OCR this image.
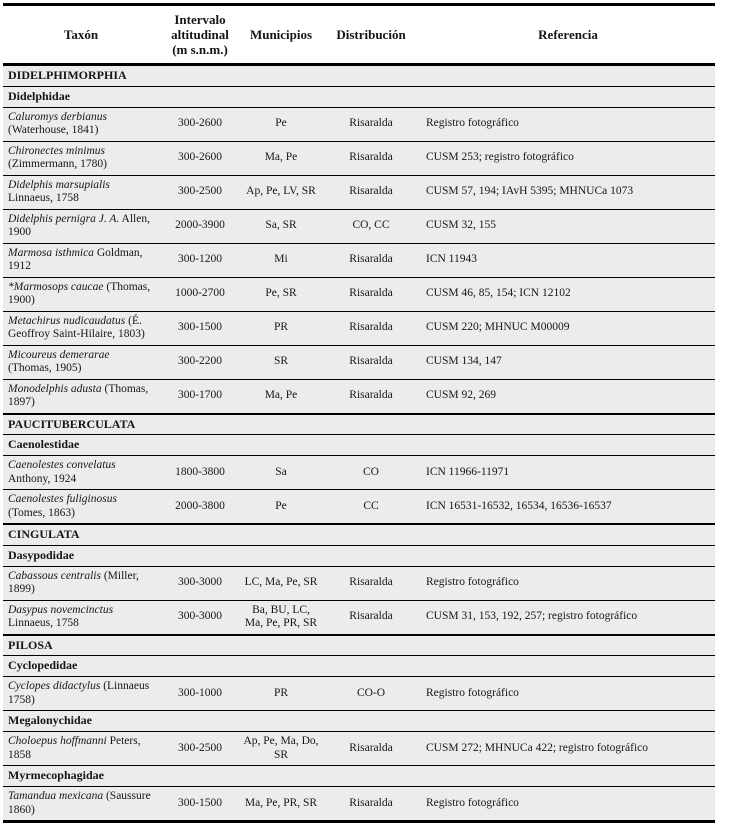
Taxón	Intervalo altitudinal (m s.n.m.)	Municipios	Distribución	Referencia
DIDELPHIMORPHIA				
Didelphidae				
Caluromys derbianus (Waterhouse, 1841)	300-2600	Pe	Risaralda	Registro fotográfico
Chironectes minimus (Zimmermann, 1780)	300-2600	Ma, Pe	Risaralda	CUSM 253; registro fotográfico
Didelphis marsupialis Linnaeus, 1758	300-2500	Ap, Pe, LV, SR	Risaralda	CUSM 57, 194; IAvH 5395; MHNUCa 1073
Didelphis pernigra J. A. Allen, 1900	2000-3900	Sa, SR	CO, CC	CUSM 32, 155
Marmosa isthmica Goldman, 1912	300-1200	Mi	Risaralda	ICN 11943
*Marmosops caucae (Thomas, 1900)	1000-2700	Pe, SR	Risaralda	CUSM 46, 85, 154; ICN 12102
Metachirus nudicaudatus (É. Geoffroy Saint-Hilaire, 1803)	300-1500	PR	Risaralda	CUSM 220; MHNUC M00009
Micoureus demerarae (Thomas, 1905)	300-2200	SR	Risaralda	CUSM 134, 147
Monodelphis adusta (Thomas, 1897)	300-1700	Ma, Pe	Risaralda	CUSM 92, 269
PAUCITUBERCULATA				
Caenolestidae				
Caenolestes convelatus Anthony, 1924	1800-3800	Sa	CO	ICN 11966-11971
Caenolestes fuliginosus (Tomes, 1863)	2000-3800	Pe	CC	ICN 16531-16532, 16534, 16536-16537
CINGULATA				
Dasypodidae				
Cabassous centralis (Miller, 1899)	300-3000	LC, Ma, Pe, SR	Risaralda	Registro fotográfico
Dasypus novemcinctus Linnaeus, 1758	300-3000	Ba, BU, LC, Ma, Pe, PR, SR	Risaralda	CUSM 31, 153, 192, 257; registro fotográfico
PILOSA				
Cyclopedidae				
Cyclopes didactylus (Linnaeus 1758)	300-1000	PR	CO-O	Registro fotográfico
Megalonychidae				
Choloepus hoffmanni Peters, 1858	300-2500	Ap, Pe, Ma, Do, SR	Risaralda	CUSM 272; MHNUCa 422; registro fotográfico
Myrmecophagidae				
Tamandua mexicana (Saussure 1860)	300-1500	Ma, Pe, PR, SR	Risaralda	Registro fotográfico
